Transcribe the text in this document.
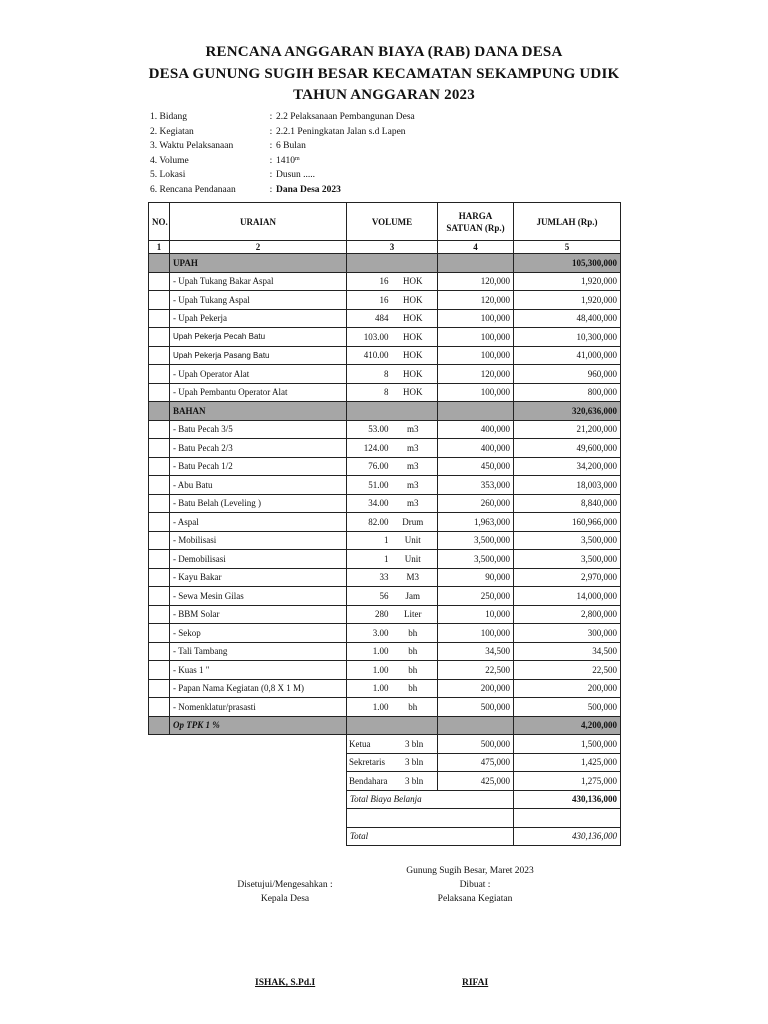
RENCANA ANGGARAN BIAYA (RAB) DANA DESA
DESA GUNUNG SUGIH BESAR KECAMATAN SEKAMPUNG UDIK
TAHUN ANGGARAN 2023
1. Bidang	: 2.2 Pelaksanaan Pembangunan Desa
2. Kegiatan	: 2.2.1 Peningkatan Jalan s.d Lapen
3. Waktu Pelaksanaan	: 6 Bulan
4. Volume	: 1410 m
5. Lokasi	: Dusun .....
6. Rencana Pendanaan	: Dana Desa 2023
NO.	URAIAN	VOLUME	HARGA SATUAN (Rp.)	JUMLAH (Rp.)
1	2	3	4	5
	UPAH			105,300,000
	- Upah Tukang Bakar Aspal	16 HOK	120,000	1,920,000
	- Upah Tukang Aspal	16 HOK	120,000	1,920,000
	- Upah Pekerja	484 HOK	100,000	48,400,000
	Upah Pekerja Pecah Batu	103.00 HOK	100,000	10,300,000
	Upah Pekerja Pasang Batu	410.00 HOK	100,000	41,000,000
	- Upah Operator Alat	8 HOK	120,000	960,000
	- Upah Pembantu Operator Alat	8 HOK	100,000	800,000
	BAHAN			320,636,000
	- Batu Pecah 3/5	53.00 m3	400,000	21,200,000
	- Batu Pecah 2/3	124.00 m3	400,000	49,600,000
	- Batu Pecah 1/2	76.00 m3	450,000	34,200,000
	- Abu Batu	51.00 m3	353,000	18,003,000
	- Batu Belah (Leveling )	34.00 m3	260,000	8,840,000
	- Aspal	82.00 Drum	1,963,000	160,966,000
	- Mobilisasi	1 Unit	3,500,000	3,500,000
	- Demobilisasi	1 Unit	3,500,000	3,500,000
	- Kayu Bakar	33 M3	90,000	2,970,000
	- Sewa Mesin Gilas	56 Jam	250,000	14,000,000
	- BBM Solar	280 Liter	10,000	2,800,000
	- Sekop	3.00 bh	100,000	300,000
	- Tali Tambang	1.00 bh	34,500	34,500
	- Kuas 1 "	1.00 bh	22,500	22,500
	- Papan Nama Kegiatan (0,8 X 1 M)	1.00 bh	200,000	200,000
	- Nomenklatur/prasasti	1.00 bh	500,000	500,000
	Op TPK 1 %			4,200,000

		Ketua 3 bln	500,000	1,500,000

		Sekretaris 3 bln	475,000	1,425,000

		Bendahara 3 bln	425,000	1,275,000
		Total Biaya Belanja		430,136,000

		Total		430,136,000
Gunung Sugih Besar, Maret 2023
Disetujui/Mengesahkan :
Kepala Desa
Dibuat :
Pelaksana Kegiatan
ISHAK, S.Pd.I	RIFAI
